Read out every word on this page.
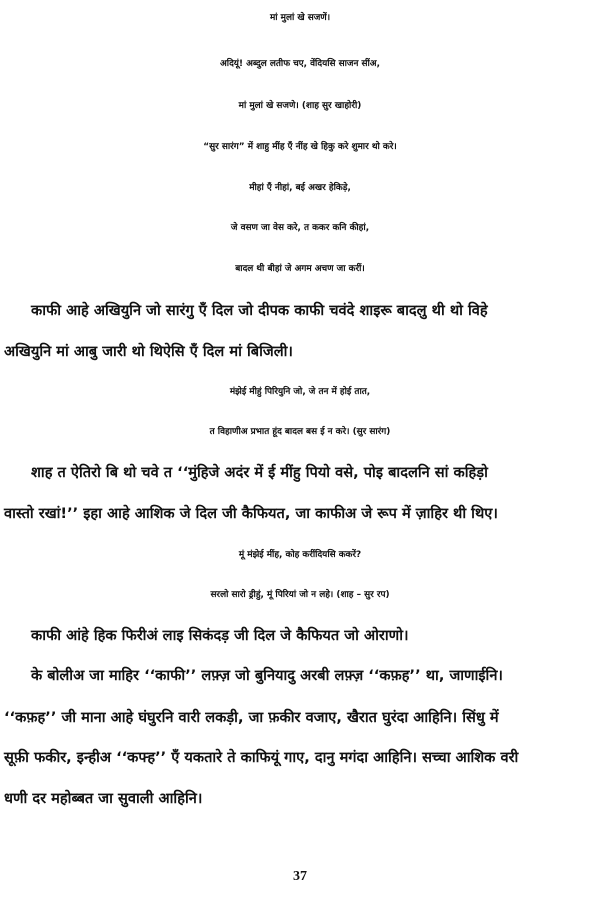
मां मुलां खे सजणें।
अदियूं! अब्दुल लतीफ चए, वेंदियसि साजन सींअ,
मां मुलां खे सजणे। (शाह सुर खाहोरी)
“सुर सारंग” में शाहु मींह ऍं नींह खे हिकु करे शुमार थो करे।
मीहां ऍं नीहां, बई अखर हेकिड़े,
जे वसण जा वेस करे, त ककर कनि कीहां,
बादल थी बीहां जे अगम अचण जा करीं।
काफी आहे अखियुनि जो सारंगु ऍं दिल जो दीपक काफी चवंदे शाइरू बादलु थी थो विहे
अखियुनि मां आबु जारी थो थिऐसि ऍं दिल मां बिजिली।
मंझेई मीहुं पिरियुनि जो, जे तन में होई तात,
त विहाणीअ प्रभात हूंद बादल बस ई न करे। (सुर सारंग)
शाह त ऐतिरो बि थो चवे त ‘‘मुंहिजे अदंर में ई मींहु पियो वसे, पोइ बादलनि सां कहिड़ो
वास्तो रखां!’’ इहा आहे आशिक जे दिल जी कैफियत, जा काफीअ जे रूप में ज़ाहिर थी थिए।
मूं मंझेई मींह, कोह करींदियसि ककरें?
सरलो सारो ड्रीहुं, मूं पिरियां जो न लहे। (शाह – सुर रप)
काफी आंहे हिक फिरीअं लाइ सिकंदड़ जी दिल जे कैफियत जो ओराणो।
के बोलीअ जा माहिर ‘‘काफी’’ लफ़्ज़ जो बुनियादु अरबी लफ़्ज़ ‘‘कफ़ह’’ था, जाणाईनि।
‘‘कफ़ह’’ जी माना आहे घंघुरनि वारी लकड़ी, जा फ़कीर वजाए, खैरात घुरंदा आहिनि। सिंधु में
सूफ़ी फकीर, इन्हीअ ‘‘कफ्ह’’ ऍं यकतारे ते काफियूं गाए, दानु मगंदा आहिनि। सच्चा आशिक वरी
धणी दर महोब्बत जा सुवाली आहिनि।
37
